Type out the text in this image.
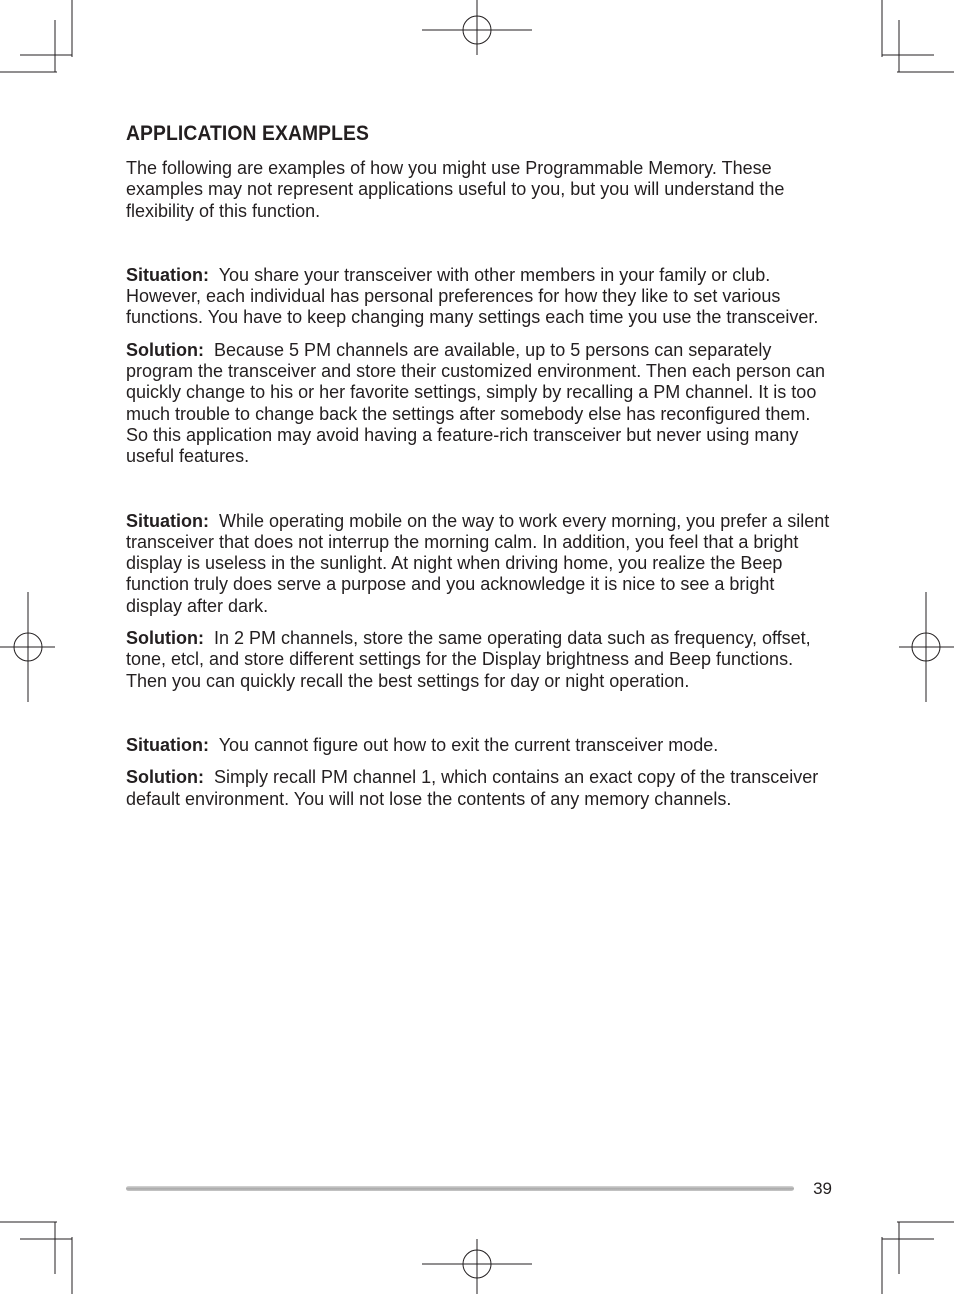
APPLICATION EXAMPLES

The following are examples of how you might use Programmable Memory. These examples may not represent applications useful to you, but you will understand the flexibility of this function.

Situation: You share your transceiver with other members in your family or club. However, each individual has personal preferences for how they like to set various functions. You have to keep changing many settings each time you use the transceiver.

Solution: Because 5 PM channels are available, up to 5 persons can separately program the transceiver and store their customized environment. Then each person can quickly change to his or her favorite settings, simply by recalling a PM channel. It is too much trouble to change back the settings after somebody else has reconfigured them. So this application may avoid having a feature-rich transceiver but never using many useful features.

Situation: While operating mobile on the way to work every morning, you prefer a silent transceiver that does not interrup the morning calm. In addition, you feel that a bright display is useless in the sunlight. At night when driving home, you realize the Beep function truly does serve a purpose and you acknowledge it is nice to see a bright display after dark.

Solution: In 2 PM channels, store the same operating data such as frequency, offset, tone, etcl, and store different settings for the Display brightness and Beep functions. Then you can quickly recall the best settings for day or night operation.

Situation: You cannot figure out how to exit the current transceiver mode.

Solution: Simply recall PM channel 1, which contains an exact copy of the transceiver default environment. You will not lose the contents of any memory channels.

39
